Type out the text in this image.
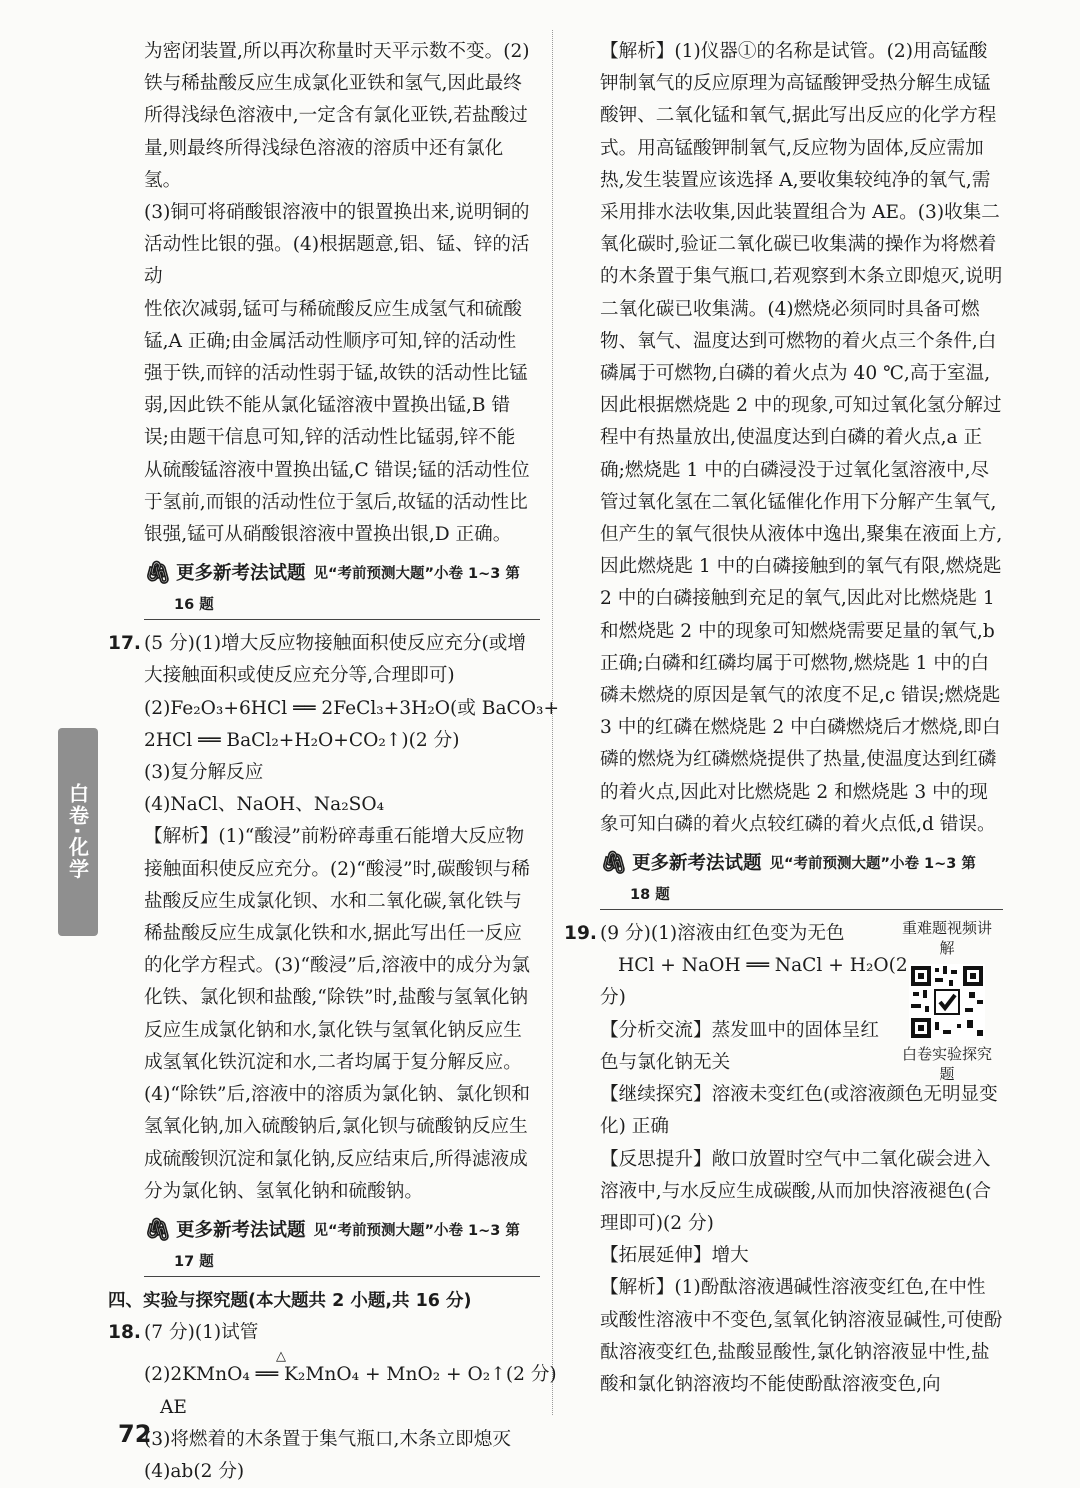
白卷·化学

为密闭装置,所以再次称量时天平示数不变。(2)

铁与稀盐酸反应生成氯化亚铁和氢气,因此最终

所得浅绿色溶液中,一定含有氯化亚铁,若盐酸过

量,则最终所得浅绿色溶液的溶质中还有氯化氢。

(3)铜可将硝酸银溶液中的银置换出来,说明铜的

活动性比银的强。(4)根据题意,铝、锰、锌的活动

性依次减弱,锰可与稀硫酸反应生成氢气和硫酸

锰,A 正确;由金属活动性顺序可知,锌的活动性

强于铁,而锌的活动性弱于锰,故铁的活动性比锰

弱,因此铁不能从氯化锰溶液中置换出锰,B 错

误;由题干信息可知,锌的活动性比锰弱,锌不能

从硫酸锰溶液中置换出锰,C 错误;锰的活动性位

于氢前,而银的活动性位于氢后,故锰的活动性比

银强,锰可从硝酸银溶液中置换出银,D 正确。

🖇 更多新考法试题 见“考前预测大题”小卷 1~3 第
16 题

17. (5 分)(1)增大反应物接触面积使反应充分(或增大接触面积或使反应充分等,合理即可)

(2)Fe₂O₃+6HCl ══ 2FeCl₃+3H₂O(或 BaCO₃+

2HCl ══ BaCl₂+H₂O+CO₂↑)(2 分)

(3)复分解反应

(4)NaCl、NaOH、Na₂SO₄

【解析】(1)“酸浸”前粉碎毒重石能增大反应物接触面积使反应充分。(2)“酸浸”时,碳酸钡与稀盐酸反应生成氯化钡、水和二氧化碳,氧化铁与稀盐酸反应生成氯化铁和水,据此写出任一反应的化学方程式。(3)“酸浸”后,溶液中的成分为氯化铁、氯化钡和盐酸,“除铁”时,盐酸与氢氧化钠反应生成氯化钠和水,氯化铁与氢氧化钠反应生成氢氧化铁沉淀和水,二者均属于复分解反应。(4)“除铁”后,溶液中的溶质为氯化钠、氯化钡和氢氧化钠,加入硫酸钠后,氯化钡与硫酸钠反应生成硫酸钡沉淀和氯化钠,反应结束后,所得滤液成分为氯化钠、氢氧化钠和硫酸钠。

🖇 更多新考法试题 见“考前预测大题”小卷 1~3 第
17 题

四、实验与探究题(本大题共 2 小题,共 16 分)

18. (7 分)(1)试管

△
(2)2KMnO₄ ══ K₂MnO₄ + MnO₂ + O₂↑(2 分)

AE

(3)将燃着的木条置于集气瓶口,木条立即熄灭

(4)ab(2 分)

【解析】(1)仪器①的名称是试管。(2)用高锰酸钾制氧气的反应原理为高锰酸钾受热分解生成锰酸钾、二氧化锰和氧气,据此写出反应的化学方程式。用高锰酸钾制氧气,反应物为固体,反应需加热,发生装置应该选择 A,要收集较纯净的氧气,需采用排水法收集,因此装置组合为 AE。(3)收集二氧化碳时,验证二氧化碳已收集满的操作为将燃着的木条置于集气瓶口,若观察到木条立即熄灭,说明二氧化碳已收集满。(4)燃烧必须同时具备可燃物、氧气、温度达到可燃物的着火点三个条件,白磷属于可燃物,白磷的着火点为 40 ℃,高于室温,因此根据燃烧匙 2 中的现象,可知过氧化氢分解过程中有热量放出,使温度达到白磷的着火点,a 正确;燃烧匙 1 中的白磷浸没于过氧化氢溶液中,尽管过氧化氢在二氧化锰催化作用下分解产生氧气,但产生的氧气很快从液体中逸出,聚集在液面上方,因此燃烧匙 1 中的白磷接触到的氧气有限,燃烧匙 2 中的白磷接触到充足的氧气,因此对比燃烧匙 1 和燃烧匙 2 中的现象可知燃烧需要足量的氧气,b 正确;白磷和红磷均属于可燃物,燃烧匙 1 中的白磷未燃烧的原因是氧气的浓度不足,c 错误;燃烧匙 3 中的红磷在燃烧匙 2 中白磷燃烧后才燃烧,即白磷的燃烧为红磷燃烧提供了热量,使温度达到红磷的着火点,因此对比燃烧匙 2 和燃烧匙 3 中的现象可知白磷的着火点较红磷的着火点低,d 错误。

🖇 更多新考法试题 见“考前预测大题”小卷 1~3 第
18 题
重难题视频讲解
白卷实验探究题

19. (9 分)(1)溶液由红色变为无色

HCl + NaOH ══ NaCl + H₂O(2

分)

【分析交流】蒸发皿中的固体呈红

色与氯化钠无关

【继续探究】溶液未变红色(或溶液颜色无明显变化) 正确

【反思提升】敞口放置时空气中二氧化碳会进入溶液中,与水反应生成碳酸,从而加快溶液褪色(合理即可)(2 分)

【拓展延伸】增大

【解析】(1)酚酞溶液遇碱性溶液变红色,在中性或酸性溶液中不变色,氢氧化钠溶液显碱性,可使酚酞溶液变红色,盐酸显酸性,氯化钠溶液显中性,盐酸和氯化钠溶液均不能使酚酞溶液变色,向

72
